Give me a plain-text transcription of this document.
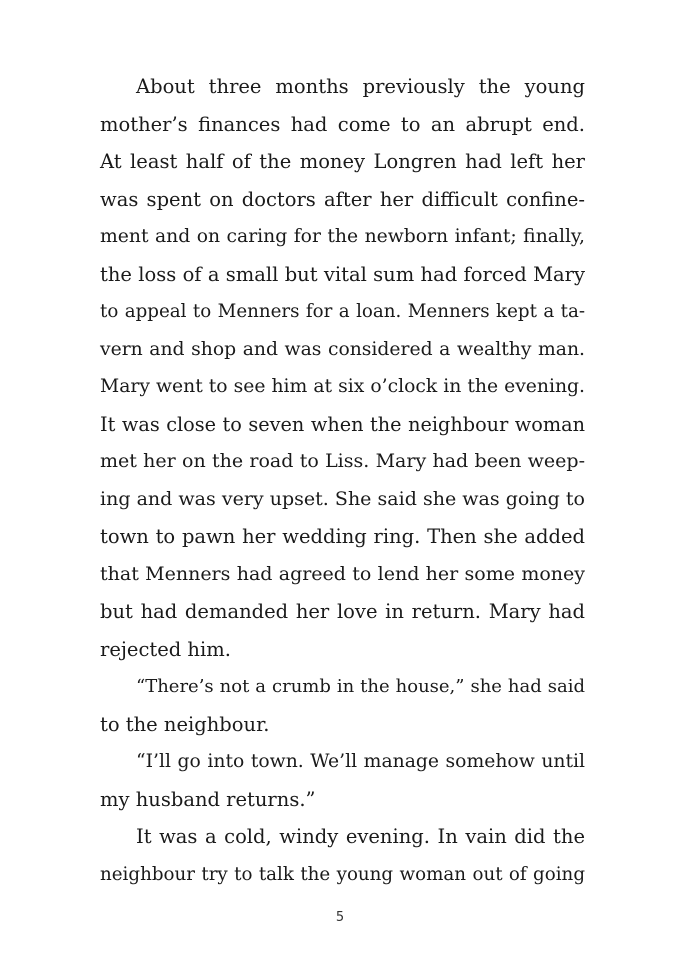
About three months previously the young
mother’s finances had come to an abrupt end.
At least half of the money Longren had left her
was spent on doctors after her difficult confine-
ment and on caring for the newborn infant; finally,
the loss of a small but vital sum had forced Mary
to appeal to Menners for a loan. Menners kept a ta-
vern and shop and was considered a wealthy man.
Mary went to see him at six o’clock in the evening.
It was close to seven when the neighbour woman
met her on the road to Liss. Mary had been weep-
ing and was very upset. She said she was going to
town to pawn her wedding ring. Then she added
that Menners had agreed to lend her some money
but had demanded her love in return. Mary had
rejected him.
“There’s not a crumb in the house,” she had said
to the neighbour.
“I’ll go into town. We’ll manage somehow until
my husband returns.”
It was a cold, windy evening. In vain did the
neighbour try to talk the young woman out of going
5
